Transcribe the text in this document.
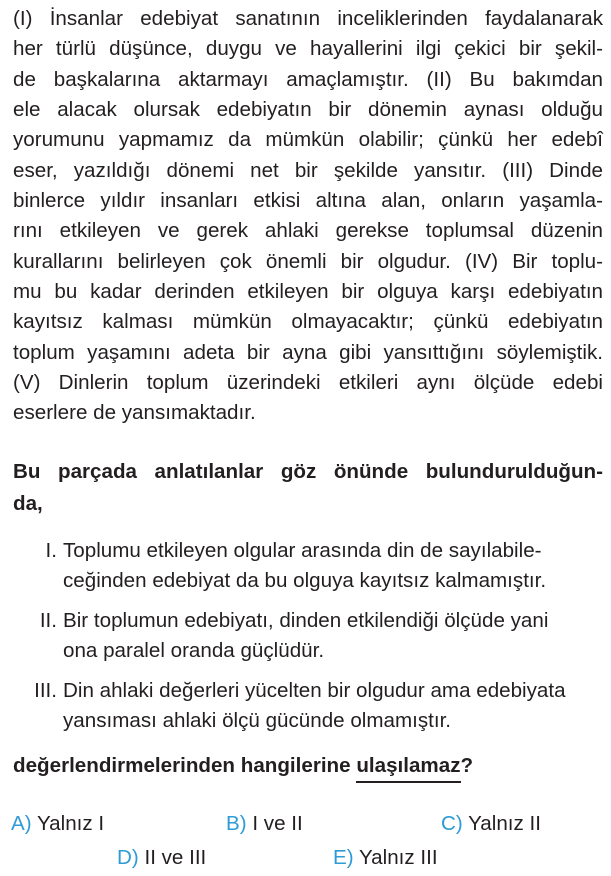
(I) İnsanlar edebiyat sanatının inceliklerinden faydalanarak
her türlü düşünce, duygu ve hayallerini ilgi çekici bir şekil-
de başkalarına aktarmayı amaçlamıştır. (II) Bu bakımdan
ele alacak olursak edebiyatın bir dönemin aynası olduğu
yorumunu yapmamız da mümkün olabilir; çünkü her edebî
eser, yazıldığı dönemi net bir şekilde yansıtır. (III) Dinde
binlerce yıldır insanları etkisi altına alan, onların yaşamla-
rını etkileyen ve gerek ahlaki gerekse toplumsal düzenin
kurallarını belirleyen çok önemli bir olgudur. (IV) Bir toplu-
mu bu kadar derinden etkileyen bir olguya karşı edebiyatın
kayıtsız kalması mümkün olmayacaktır; çünkü edebiyatın
toplum yaşamını adeta bir ayna gibi yansıttığını söylemiştik.
(V) Dinlerin toplum üzerindeki etkileri aynı ölçüde edebi
eserlere de yansımaktadır.
Bu parçada anlatılanlar göz önünde bulundurulduğun-
da,
I. Toplumu etkileyen olgular arasında din de sayılabile-
ceğinden edebiyat da bu olguya kayıtsız kalmamıştır.
II. Bir toplumun edebiyatı, dinden etkilendiği ölçüde yani
ona paralel oranda güçlüdür.
III. Din ahlaki değerleri yücelten bir olgudur ama edebiyata
yansıması ahlaki ölçü gücünde olmamıştır.
değerlendirmelerinden hangilerine ulaşılamaz?
A) Yalnız I	B) I ve II	C) Yalnız II
D) II ve III	E) Yalnız III
